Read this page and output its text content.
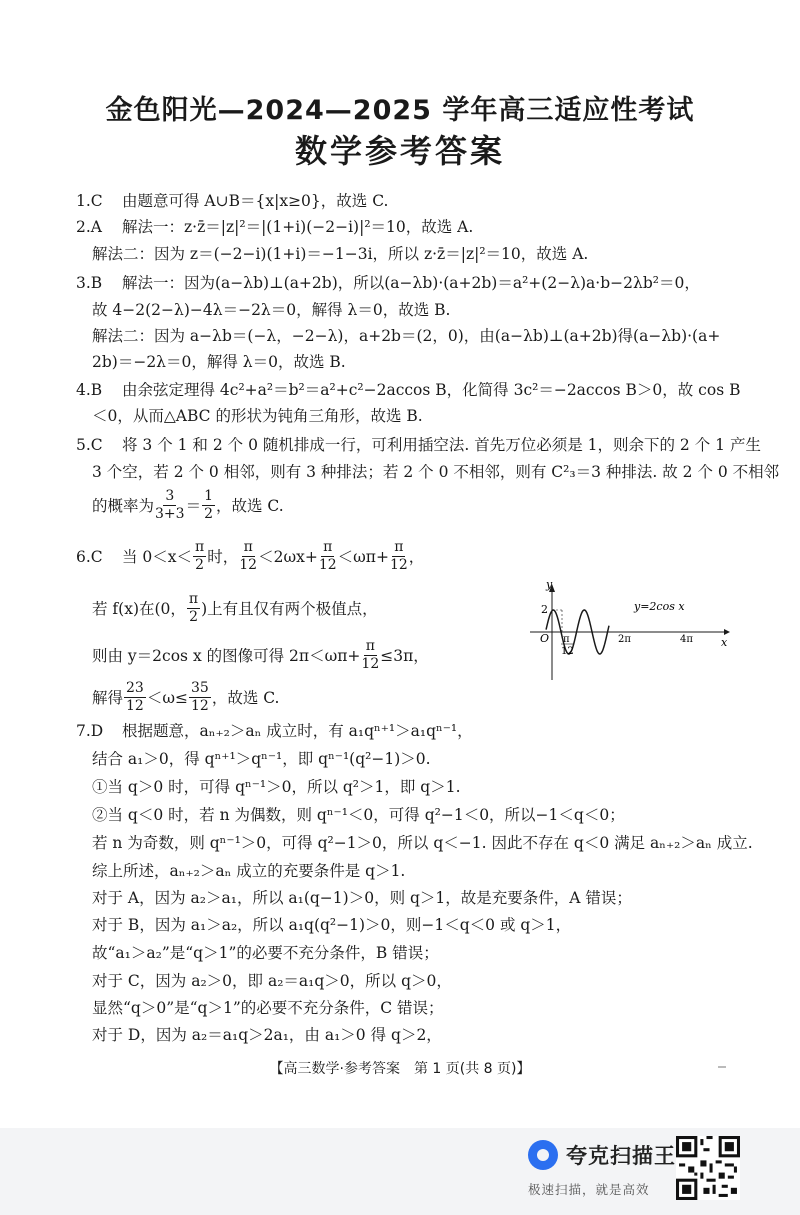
金色阳光—2024—2025 学年高三适应性考试
数学参考答案
1.C 由题意可得 A∪B＝{x|x≥0}，故选 C.
2.A 解法一：z·z̄＝|z|²＝|(1+i)(−2−i)|²＝10，故选 A.
解法二：因为 z＝(−2−i)(1+i)＝−1−3i，所以 z·z̄＝|z|²＝10，故选 A.
3.B 解法一：因为(a−λb)⊥(a+2b)，所以(a−λb)·(a+2b)＝a²+(2−λ)a·b−2λb²＝0，
故 4−2(2−λ)−4λ＝−2λ＝0，解得 λ＝0，故选 B.
解法二：因为 a−λb＝(−λ，−2−λ)，a+2b＝(2，0)，由(a−λb)⊥(a+2b)得(a−λb)·(a+
2b)＝−2λ＝0，解得 λ＝0，故选 B.
4.B 由余弦定理得 4c²+a²＝b²＝a²+c²−2accos B，化简得 3c²＝−2accos B＞0，故 cos B
＜0，从而△ABC 的形状为钝角三角形，故选 B.
5.C 将 3 个 1 和 2 个 0 随机排成一行，可利用插空法. 首先万位必须是 1，则余下的 2 个 1 产生
3 个空，若 2 个 0 相邻，则有 3 种排法；若 2 个 0 不相邻，则有 C²₃＝3 种排法. 故 2 个 0 不相邻
的概率为 $\frac{3}{3+3} = \frac{1}{2}$ ，故选 C.
6.C 当 $0<x< \frac{\pi}{2}$ 时， $\frac{\pi}{12} <2\omega x+ \frac{\pi}{12} <\omega\pi+ \frac{\pi}{12}$ ，
若 f(x)在(0， $\frac{\pi}{2}$ )上有且仅有两个极值点，
则由 y＝2cos x 的图像可得 $2\pi<\omega\pi+ \frac{\pi}{12} \le 3\pi$，
解得 $\frac{23}{12} <\omega\le \frac{35}{12}$ ，故选 C.
y
x
O
2
π
12
2π	4π
y=2cos x
7.D 根据题意，aₙ₊₂＞aₙ 成立时，有 a₁qⁿ⁺¹＞a₁qⁿ⁻¹，
结合 a₁＞0，得 qⁿ⁺¹＞qⁿ⁻¹，即 qⁿ⁻¹(q²−1)＞0.
①当 q＞0 时，可得 qⁿ⁻¹＞0，所以 q²＞1，即 q＞1.
②当 q＜0 时，若 n 为偶数，则 qⁿ⁻¹＜0，可得 q²−1＜0，所以−1＜q＜0；
若 n 为奇数，则 qⁿ⁻¹＞0，可得 q²−1＞0，所以 q＜−1. 因此不存在 q＜0 满足 aₙ₊₂＞aₙ 成立.
综上所述，aₙ₊₂＞aₙ 成立的充要条件是 q＞1.
对于 A，因为 a₂＞a₁，所以 a₁(q−1)＞0，则 q＞1，故是充要条件，A 错误；
对于 B，因为 a₁＞a₂，所以 a₁q(q²−1)＞0，则−1＜q＜0 或 q＞1，
故“a₁＞a₂”是“q＞1”的必要不充分条件，B 错误；
对于 C，因为 a₂＞0，即 a₂＝a₁q＞0，所以 q＞0，
显然“q＞0”是“q＞1”的必要不充分条件，C 错误；
对于 D，因为 a₂＝a₁q＞2a₁，由 a₁＞0 得 q＞2，
【高三数学·参考答案　第 1 页(共 8 页)】
夸克扫描王
极速扫描，就是高效
